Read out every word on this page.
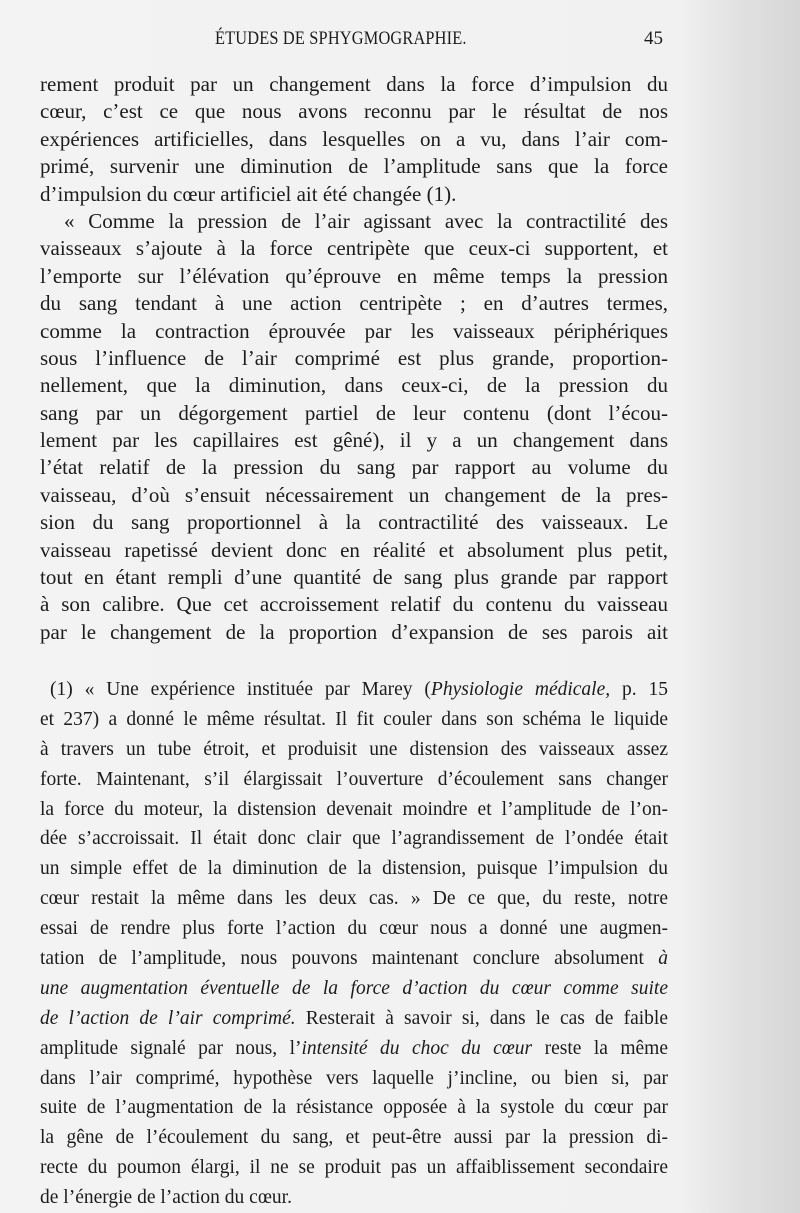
ÉTUDES DE SPHYGMOGRAPHIE.	45
rement produit par un changement dans la force d’impulsion du
cœur, c’est ce que nous avons reconnu par le résultat de nos
expériences artificielles, dans lesquelles on a vu, dans l’air com-
primé, survenir une diminution de l’amplitude sans que la force
d’impulsion du cœur artificiel ait été changée (1).
« Comme la pression de l’air agissant avec la contractilité des
vaisseaux s’ajoute à la force centripète que ceux-ci supportent, et
l’emporte sur l’élévation qu’éprouve en même temps la pression
du sang tendant à une action centripète ; en d’autres termes,
comme la contraction éprouvée par les vaisseaux périphériques
sous l’influence de l’air comprimé est plus grande, proportion-
nellement, que la diminution, dans ceux-ci, de la pression du
sang par un dégorgement partiel de leur contenu (dont l’écou-
lement par les capillaires est gêné), il y a un changement dans
l’état relatif de la pression du sang par rapport au volume du
vaisseau, d’où s’ensuit nécessairement un changement de la pres-
sion du sang proportionnel à la contractilité des vaisseaux. Le
vaisseau rapetissé devient donc en réalité et absolument plus petit,
tout en étant rempli d’une quantité de sang plus grande par rapport
à son calibre. Que cet accroissement relatif du contenu du vaisseau
par le changement de la proportion d’expansion de ses parois ait
(1) « Une expérience instituée par Marey (Physiologie médicale, p. 15
et 237) a donné le même résultat. Il fit couler dans son schéma le liquide
à travers un tube étroit, et produisit une distension des vaisseaux assez
forte. Maintenant, s’il élargissait l’ouverture d’écoulement sans changer
la force du moteur, la distension devenait moindre et l’amplitude de l’on-
dée s’accroissait. Il était donc clair que l’agrandissement de l’ondée était
un simple effet de la diminution de la distension, puisque l’impulsion du
cœur restait la même dans les deux cas. » De ce que, du reste, notre
essai de rendre plus forte l’action du cœur nous a donné une augmen-
tation de l’amplitude, nous pouvons maintenant conclure absolument à
une augmentation éventuelle de la force d’action du cœur comme suite
de l’action de l’air comprimé. Resterait à savoir si, dans le cas de faible
amplitude signalé par nous, l’intensité du choc du cœur reste la même
dans l’air comprimé, hypothèse vers laquelle j’incline, ou bien si, par
suite de l’augmentation de la résistance opposée à la systole du cœur par
la gêne de l’écoulement du sang, et peut-être aussi par la pression di-
recte du poumon élargi, il ne se produit pas un affaiblissement secondaire
de l’énergie de l’action du cœur.
